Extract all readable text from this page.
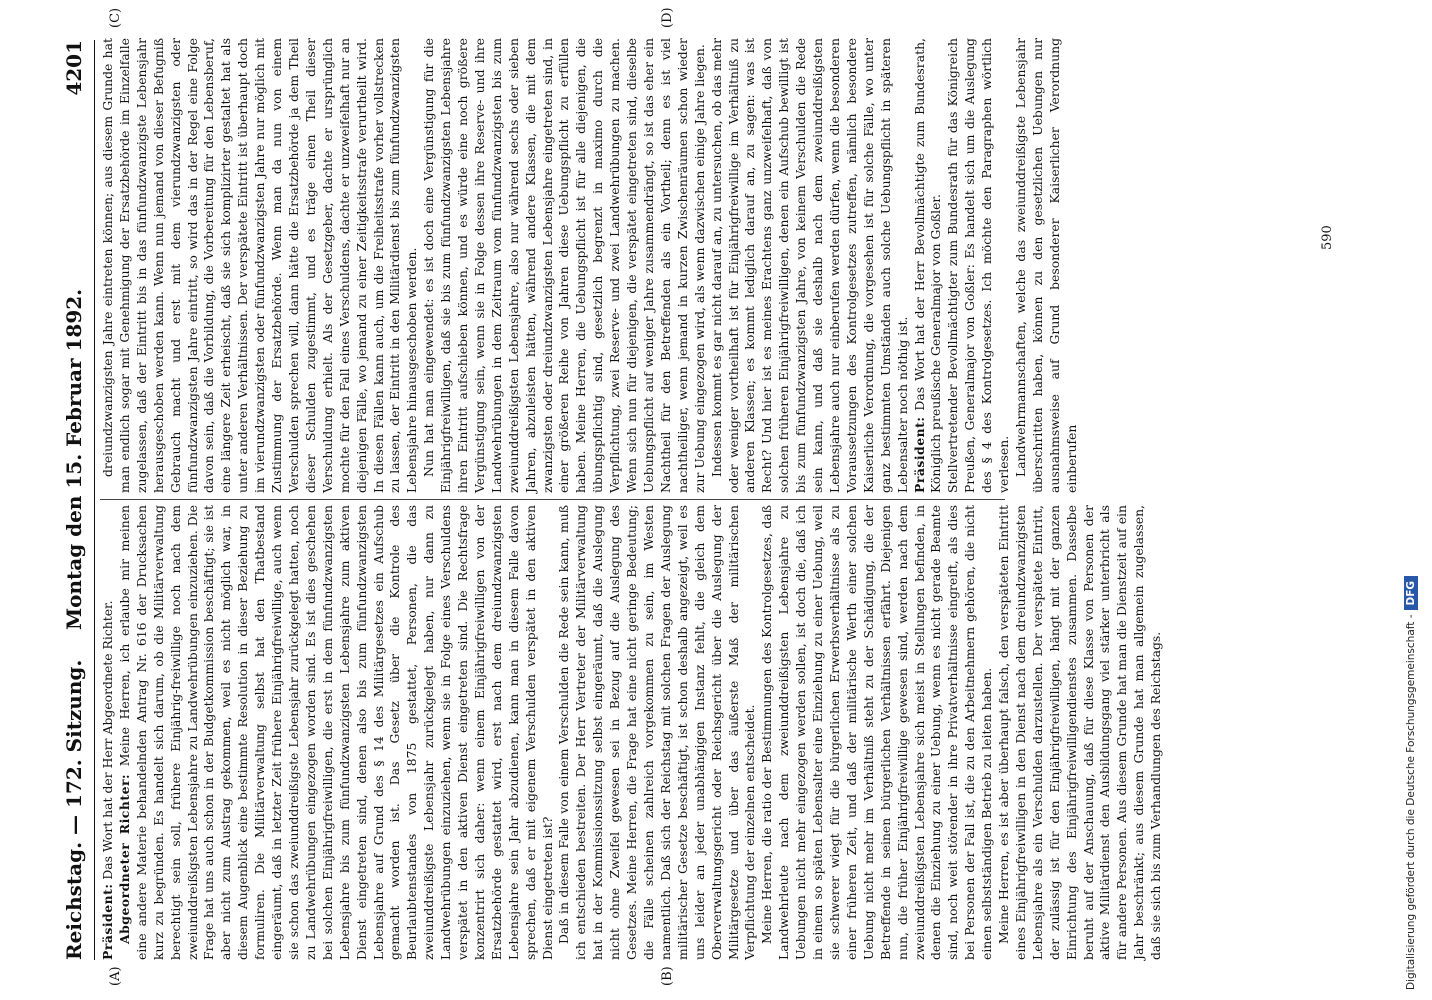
Reichstag. — 172. Sitzung.
Montag den 15. Februar 1892.
4201
(A)	(B)
(C)	(D)

Präsident: Das Wort hat der Herr Abgeordnete Richter. Abgeordneter Richter: Meine Herren, ich erlaube mir meinen eine andere Materie behandelnden Antrag Nr. 616 der Drucksachen kurz zu begründen. Es handelt sich darum, ob die Militärverwaltung berechtigt sein soll, frühere Einjährig-freiwillige noch nach dem zweiunddreißigsten Lebensjahre zu Landwehrübungen einzuziehen. Die Frage hat uns auch schon in der Budgetkommission beschäftigt; sie ist aber nicht zum Austrag gekommen, weil es nicht möglich war, in diesem Augenblick eine bestimmte Resolution in dieser Beziehung zu formuliren. Die Militärverwaltung selbst hat den Thatbestand eingeräumt, daß in letzter Zeit frühere Einjährigfreiwillige, auch wenn sie schon das zweiunddreißigste Lebensjahr zurückgelegt hatten, noch zu Landwehrübungen eingezogen worden sind. Es ist dies geschehen bei solchen Einjährigfreiwilligen, die erst in dem fünfundzwanzigsten Lebensjahre bis zum fünfundzwanzigsten Lebensjahre zum aktiven Dienst eingetreten sind, denen also bis zum fünfundzwanzigsten Lebensjahre auf Grund des § 14 des Militärgesetzes ein Aufschub gemacht worden ist. Das Gesetz über die Kontrole des Beurlaubtenstandes von 1875 gestattet, Personen, die das zweiunddreißigste Lebensjahr zurückgelegt haben, nur dann zu Landwehrübungen einzuziehen, wenn sie in Folge eines Verschuldens verspätet in den aktiven Dienst eingetreten sind. Die Rechtsfrage konzentrirt sich daher: wenn einem Einjährigfreiwilligen von der Ersatzbehörde gestattet wird, erst nach dem dreiundzwanzigsten Lebensjahre sein Jahr abzudienen, kann man in diesem Falle davon sprechen, daß er mit eigenem Verschulden verspätet in den aktiven Dienst eingetreten ist? Daß in diesem Falle von einem Verschulden die Rede sein kann, muß ich entschieden bestreiten. Der Herr Vertreter der Militärverwaltung hat in der Kommissionssitzung selbst eingeräumt, daß die Auslegung nicht ohne Zweifel gewesen sei in Bezug auf die Auslegung des Gesetzes. Meine Herren, die Frage hat eine nicht geringe Bedeutung; die Fälle scheinen zahlreich vorgekommen zu sein, im Westen namentlich. Daß sich der Reichstag mit solchen Fragen der Auslegung militärischer Gesetze beschäftigt, ist schon deshalb angezeigt, weil es uns leider an jeder unabhängigen Instanz fehlt, die gleich dem Oberverwaltungsgericht oder Reichsgericht über die Auslegung der Militärgesetze und über das äußerste Maß der militärischen Verpflichtung der einzelnen entscheidet. Meine Herren, die ratio der Bestimmungen des Kontrolgesetzes, daß Landwehrleute nach dem zweiunddreißigsten Lebensjahre zu Uebungen nicht mehr eingezogen werden sollen, ist doch die, daß ich in einem so späten Lebensalter eine Einziehung zu einer Uebung, weil sie schwerer wiegt für die bürgerlichen Erwerbsverhältnisse als zu einer früheren Zeit, und daß der militärische Werth einer solchen Uebung nicht mehr im Verhältniß steht zu der Schädigung, die der Betreffende in seinen bürgerlichen Verhältnissen erfährt. Diejenigen nun, die früher Einjährigfreiwillige gewesen sind, werden nach dem zweiunddreißigsten Lebensjahre sich meist in Stellungen befinden, in denen die Einziehung zu einer Uebung, wenn es nicht gerade Beamte sind, noch weit störender in ihre Privatverhältnisse eingreift, als dies bei Personen der Fall ist, die zu den Arbeitnehmern gehören, die nicht einen selbstständigen Betrieb zu leiten haben. Meine Herren, es ist aber überhaupt falsch, den verspäteten Eintritt eines Einjährigfreiwilligen in den Dienst nach dem dreiundzwanzigsten Lebensjahre als ein Verschulden darzustellen. Der verspätete Eintritt, der zulässig ist für den Einjährigfreiwilligen, hängt mit der ganzen Einrichtung des Einjährigfreiwilligendienstes zusammen. Dasselbe beruht auf der Anschauung, daß für diese Klasse von Personen der aktive Militärdienst den Ausbildungsgang viel stärker unterbricht als für andere Personen. Aus diesem Grunde hat man die Dienstzeit auf ein Jahr beschränkt; aus diesem Grunde hat man allgemein zugelassen, daß sie sich bis zum Verhandlungen des Reichstags.

dreiundzwanzigsten Jahre eintreten können; aus diesem Grunde hat man endlich sogar mit Genehmigung der Ersatzbehörde im Einzelfalle zugelassen, daß der Eintritt bis in das fünfundzwanzigste Lebensjahr herausgeschoben werden kann. Wenn nun jemand von dieser Befugniß Gebrauch macht und erst mit dem vierundzwanzigsten oder fünfundzwanzigsten Jahre eintritt, so wird das in der Regel eine Folge davon sein, daß die Vorbildung, die Vorbereitung für den Lebensberuf, eine längere Zeit erheischt, daß sie sich komplizirter gestaltet hat als unter anderen Verhältnissen. Der verspätete Eintritt ist überhaupt doch im vierundzwanzigsten oder fünfundzwanzigsten Jahre nur möglich mit Zustimmung der Ersatzbehörde. Wenn man da nun von einem Verschulden sprechen will, dann hätte die Ersatzbehörde ja dem Theil dieser Schulden zugestimmt, und es träge einen Theil dieser Verschuldung erhielt. Als der Gesetzgeber, dachte er ursprünglich mochte für den Fall eines Verschuldens, dachte er unzweifelhaft nur an diejenigen Fälle, wo jemand zu einer Zeitigkeitsstrafe verurtheilt wird. In diesen Fällen kann auch, um die Freiheitsstrafe vorher vollstrecken zu lassen, der Eintritt in den Militärdienst bis zum fünfundzwanzigsten Lebensjahre hinausgeschoben werden. Nun hat man eingewendet: es ist doch eine Vergünstigung für die Einjährigfreiwilligen, daß sie bis zum fünfundzwanzigsten Lebensjahre ihren Eintritt aufschieben können, und es würde eine noch größere Vergünstigung sein, wenn sie in Folge dessen ihre Reserve- und ihre Landwehrübungen in dem Zeitraum vom fünfundzwanzigsten bis zum zweiunddreißigsten Lebensjahre, also nur während sechs oder sieben Jahren, abzuleisten hätten, während andere Klassen, die mit dem zwanzigsten oder dreiundzwanzigsten Lebensjahre eingetreten sind, in einer größeren Reihe von Jahren diese Uebungspflicht zu erfüllen haben. Meine Herren, die Uebungspflicht ist für alle diejenigen, die übungspflichtig sind, gesetzlich begrenzt in maximo durch die Verpflichtung, zwei Reserve- und zwei Landwehrübungen zu machen. Wenn sich nun für diejenigen, die verspätet eingetreten sind, dieselbe Uebungspflicht auf weniger Jahre zusammendrängt, so ist das eher ein Nachtheil für den Betreffenden als ein Vortheil; denn es ist viel nachtheiliger, wenn jemand in kurzen Zwischenräumen schon wieder zur Uebung eingezogen wird, als wenn dazwischen einige Jahre liegen. Indessen kommt es gar nicht darauf an, zu untersuchen, ob das mehr oder weniger vortheilhaft ist für Einjährigfreiwillige im Verhältniß zu anderen Klassen; es kommt lediglich darauf an, zu sagen: was ist Recht? Und hier ist es meines Erachtens ganz unzweifelhaft, daß von solchen früheren Einjährigfreiwilligen, denen ein Aufschub bewilligt ist bis zum fünfundzwanzigsten Jahre, von keinem Verschulden die Rede sein kann, und daß sie deshalb nach dem zweiunddreißigsten Lebensjahre auch nur einberufen werden dürfen, wenn die besonderen Voraussetzungen des Kontrolgesetzes zutreffen, nämlich besondere Kaiserliche Verordnung, die vorgesehen ist für solche Fälle, wo unter ganz bestimmten Umständen auch solche Uebungspflicht in späteren Lebensalter noch nöthig ist. Präsident: Das Wort hat der Herr Bevollmächtigte zum Bundesrath, Königlich preußische Generalmajor von Goßler. Stellvertretender Bevollmächtigter zum Bundesrath für das Königreich Preußen, Generalmajor von Goßler: Es handelt sich um die Auslegung des § 4 des Kontrolgesetzes. Ich möchte den Paragraphen wörtlich verlesen. Landwehrmannschaften, welche das zweiunddreißigste Lebensjahr überschritten haben, können zu den gesetzlichen Uebungen nur ausnahmsweise auf Grund besonderer Kaiserlicher Verordnung einberufen

590
Digitalisierung gefördert durch die Deutsche Forschungsgemeinschaft -DFG
